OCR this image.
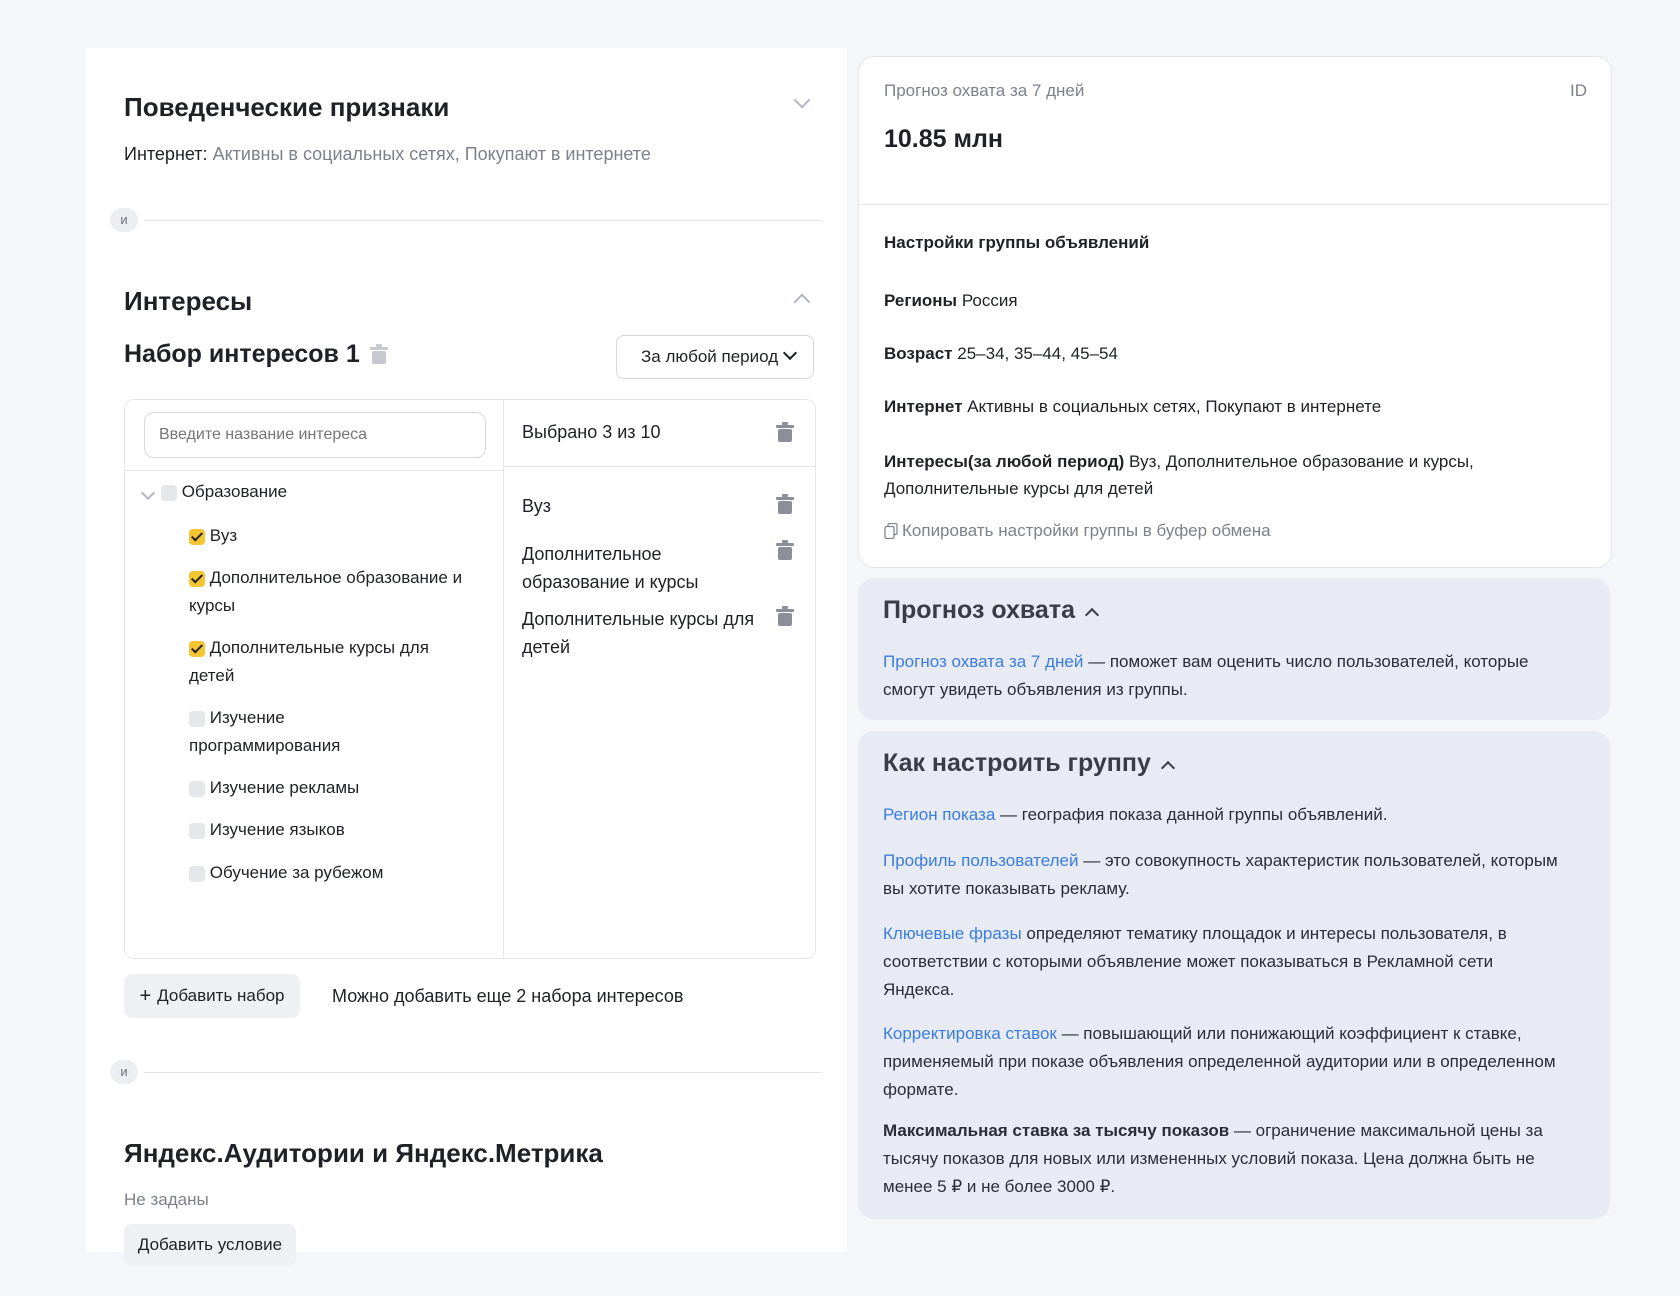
Поведенческие признаки
Интернет: Активны в социальных сетях, Покупают в интернете
и
Интересы
Набор интересов 1	За любой период
Введите название интереса
Образование
Вуз
Дополнительное образование и курсы
Дополнительные курсы для детей
Изучение программирования
Изучение рекламы
Изучение языков
Обучение за рубежом
Выбрано 3 из 10
Вуз
Дополнительное образование и курсы
Дополнительные курсы для детей
+ Добавить набор	Можно добавить еще 2 набора интересов
и
Яндекс.Аудитории и Яндекс.Метрика
Не заданы
Добавить условие
Прогноз охвата за 7 дней	ID
10.85 млн
Настройки группы объявлений
Регионы Россия
Возраст 25–34, 35–44, 45–54
Интернет Активны в социальных сетях, Покупают в интернете
Интересы(за любой период) Вуз, Дополнительное образование и курсы, Дополнительные курсы для детей
Копировать настройки группы в буфер обмена
Прогноз охвата
Прогноз охвата за 7 дней — поможет вам оценить число пользователей, которые смогут увидеть объявления из группы.
Как настроить группу
Регион показа — география показа данной группы объявлений.
Профиль пользователей — это совокупность характеристик пользователей, которым вы хотите показывать рекламу.
Ключевые фразы определяют тематику площадок и интересы пользователя, в соответствии с которыми объявление может показываться в Рекламной сети Яндекса.
Корректировка ставок — повышающий или понижающий коэффициент к ставке, применяемый при показе объявления определенной аудитории или в определенном формате.
Максимальная ставка за тысячу показов — ограничение максимальной цены за тысячу показов для новых или измененных условий показа. Цена должна быть не менее 5 ₽ и не более 3000 ₽.
